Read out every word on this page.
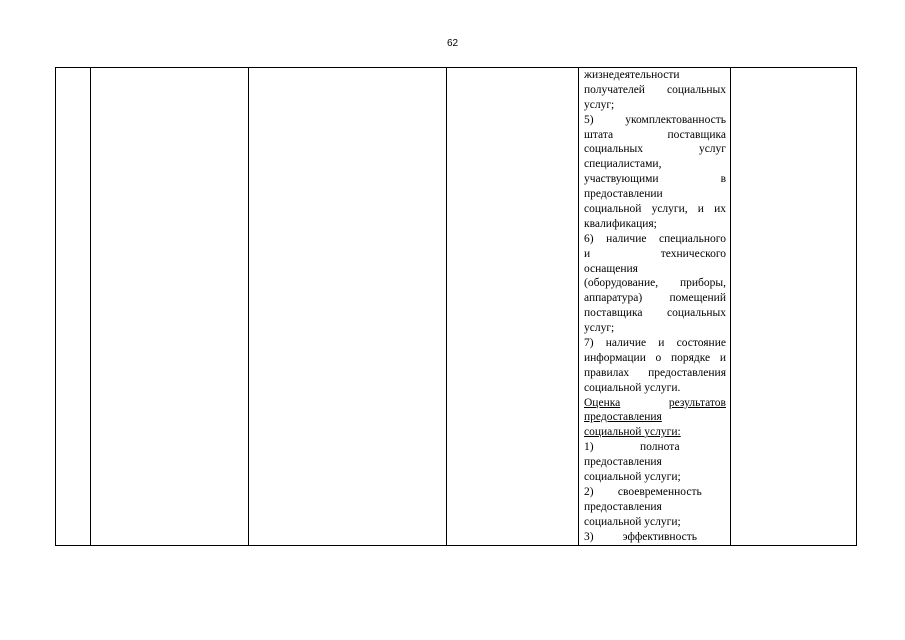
62

жизнедеятельности
получателей социальных
услуг;
5)	укомплектованность
штата	поставщика
социальных	услуг
специалистами,
участвующими	в
предоставлении
социальной услуги, и их
квалификация;
6) наличие специального
и	технического
оснащения
(оборудование, приборы,
аппаратура) помещений
поставщика социальных
услуг;
7) наличие и состояние
информации о порядке и
правилах предоставления
социальной услуги.
Оценка	результатов
предоставления
социальной услуги:
1)	полнота
предоставления
социальной услуги;
2) своевременность
предоставления
социальной услуги;
3)	эффективность
